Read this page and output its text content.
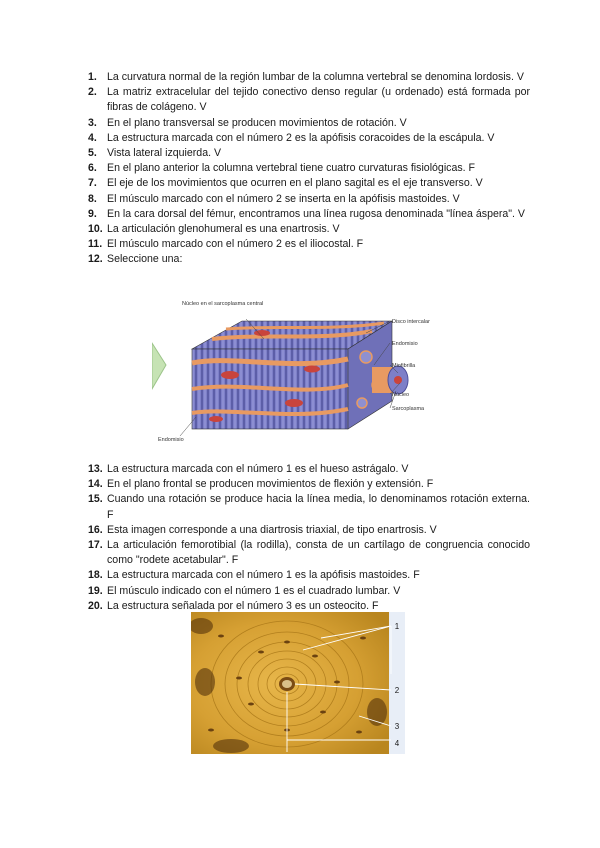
1. La curvatura normal de la región lumbar de la columna vertebral se denomina lordosis. V
2. La matriz extracelular del tejido conectivo denso regular (u ordenado) está formada por fibras de colágeno. V
3. En el plano transversal se producen movimientos de rotación. V
4. La estructura marcada con el número 2 es la apófisis coracoides de la escápula. V
5. Vista lateral izquierda. V
6. En el plano anterior la columna vertebral tiene cuatro curvaturas fisiológicas. F
7. El eje de los movimientos que ocurren en el plano sagital es el eje transverso. V
8. El músculo marcado con el número 2 se inserta en la apófisis mastoides. V
9. En la cara dorsal del fémur, encontramos una línea rugosa denominada "línea áspera". V
10. La articulación glenohumeral es una enartrosis. V
11. El músculo marcado con el número 2 es el iliocostal. F
12. Seleccione una:
Núcleo en el sarcoplasma central
Disco intercalar
Endomisio
Miofibrilla
Núcleo
Sarcoplasma
Endomisio
13. La estructura marcada con el número 1 es el hueso astrágalo. V
14. En el plano frontal se producen movimientos de flexión y extensión. F
15. Cuando una rotación se produce hacia la línea media, lo denominamos rotación externa. F
16. Esta imagen corresponde a una diartrosis triaxial, de tipo enartrosis. V
17. La articulación femorotibial (la rodilla), consta de un cartílago de congruencia conocido como "rodete acetabular". F
18. La estructura marcada con el número 1 es la apófisis mastoides. F
19. El músculo indicado con el número 1 es el cuadrado lumbar. V
20. La estructura señalada por el número 3 es un osteocito. F
1
2
3
4
